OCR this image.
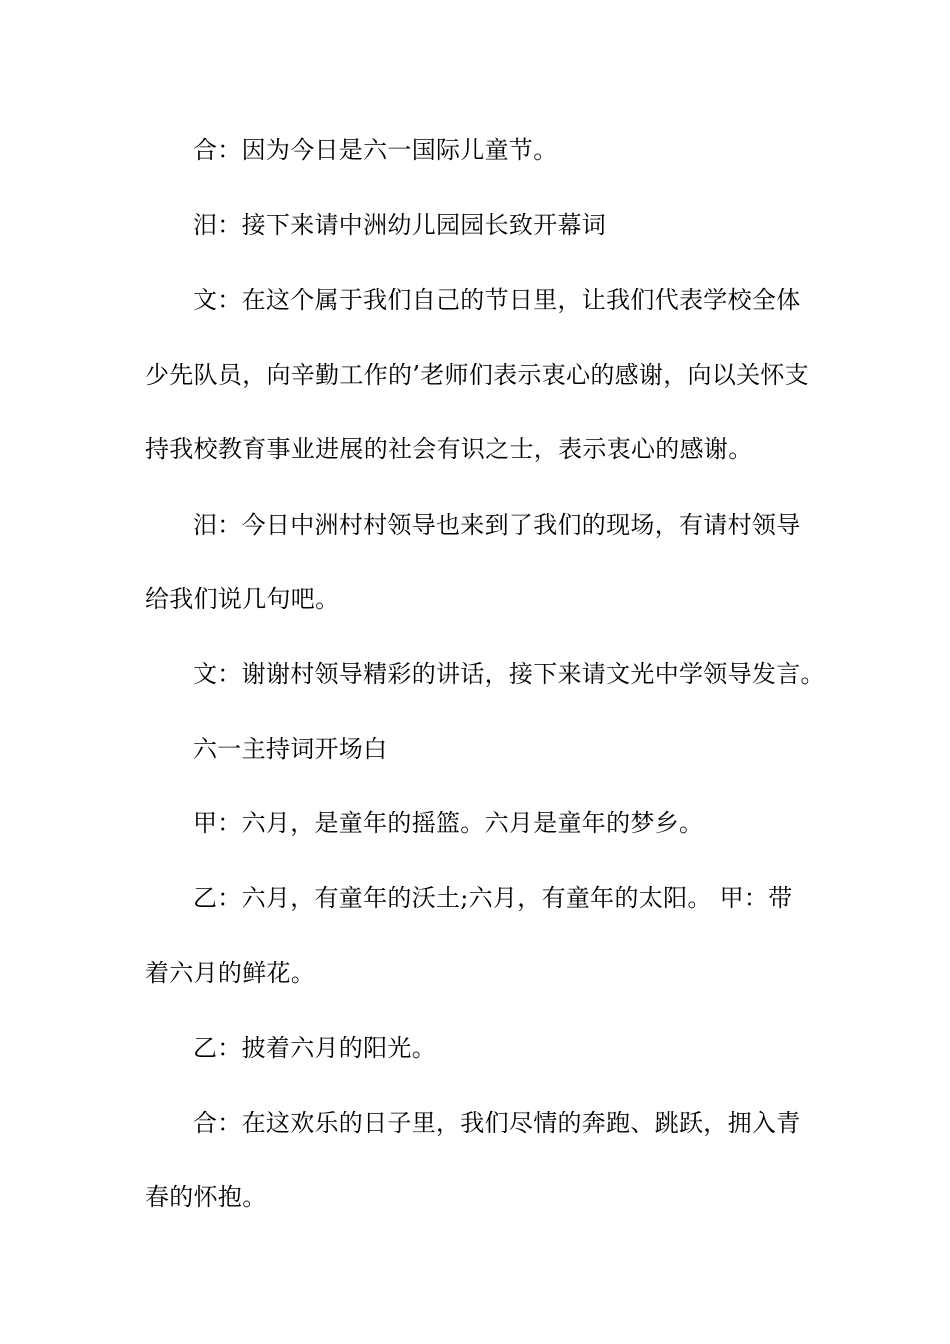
合：因为今日是六一国际儿童节。
汨：接下来请中洲幼儿园园长致开幕词
文：在这个属于我们自己的节日里，让我们代表学校全体
少先队员，向辛勤工作的’老师们表示衷心的感谢，向以关怀支
持我校教育事业进展的社会有识之士，表示衷心的感谢。
汨：今日中洲村村领导也来到了我们的现场，有请村领导
给我们说几句吧。
文：谢谢村领导精彩的讲话，接下来请文光中学领导发言。
六一主持词开场白
甲：六月，是童年的摇篮。六月是童年的梦乡。
乙：六月，有童年的沃土;六月，有童年的太阳。 甲：带
着六月的鲜花。
乙：披着六月的阳光。
合：在这欢乐的日子里，我们尽情的奔跑、跳跃，拥入青
春的怀抱。
